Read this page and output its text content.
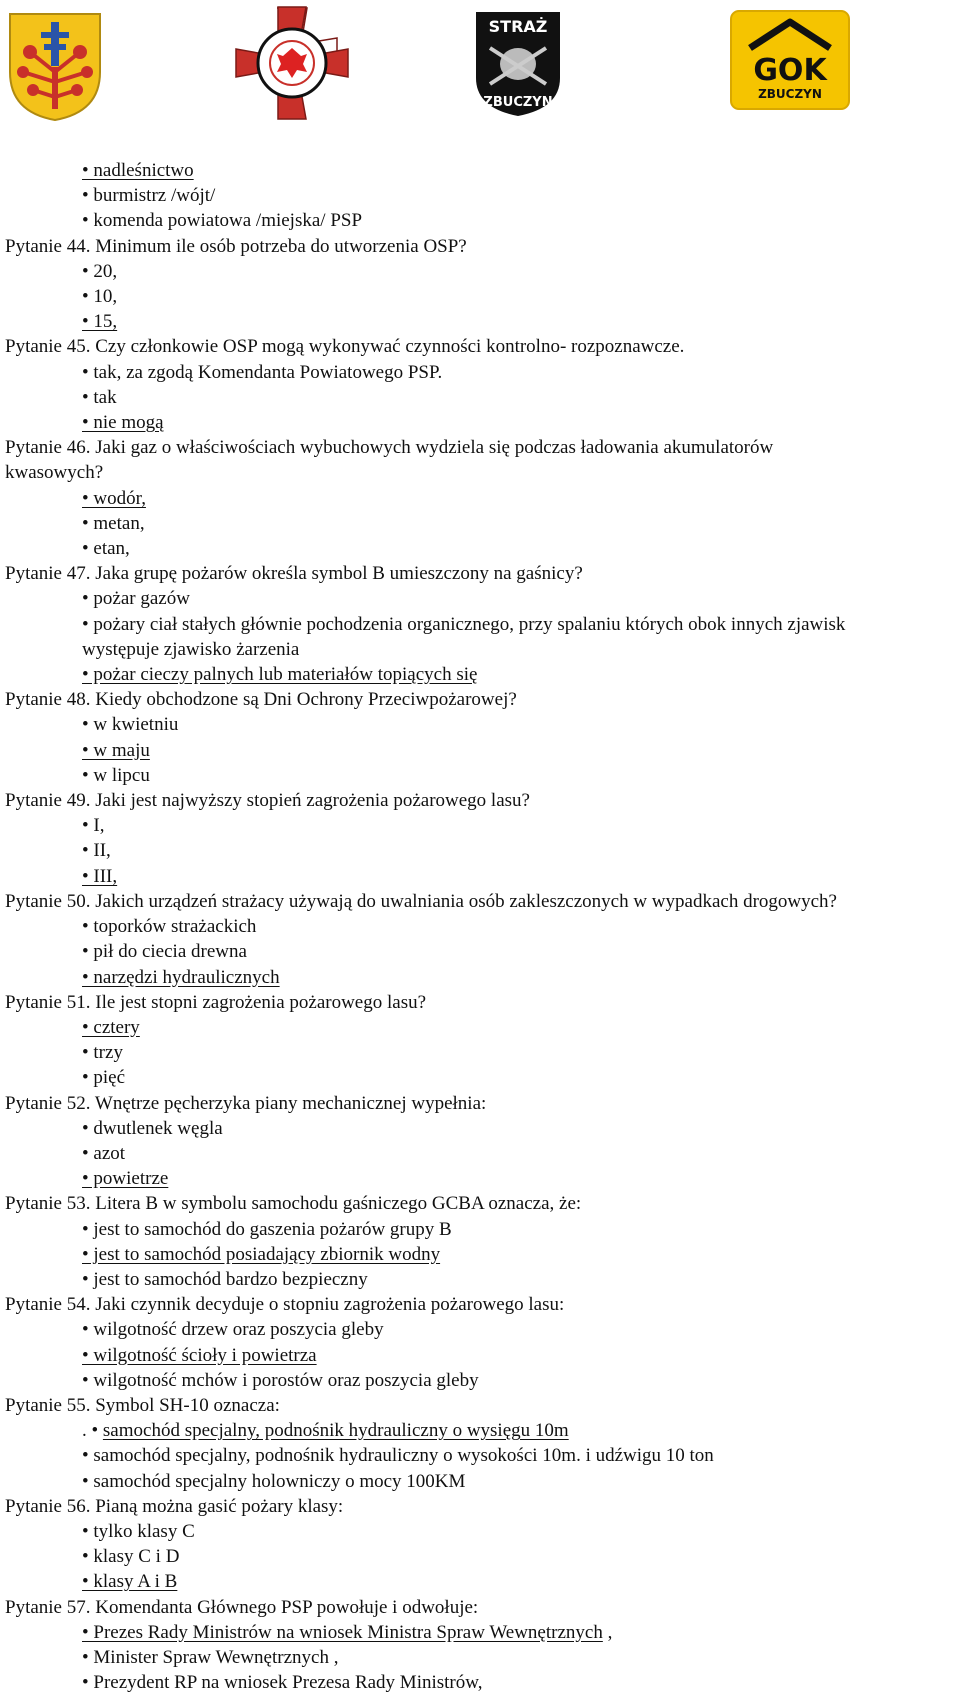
STRAŻ
ZBUCZYN
GOK
ZBUCZYN
• nadleśnictwo
• burmistrz /wójt/
• komenda powiatowa /miejska/ PSP
Pytanie 44. Minimum ile osób potrzeba do utworzenia OSP?
• 20,
• 10,
• 15,
Pytanie 45. Czy członkowie OSP mogą wykonywać czynności kontrolno- rozpoznawcze.
• tak, za zgodą Komendanta Powiatowego PSP.
• tak
• nie mogą
Pytanie 46. Jaki gaz o właściwościach wybuchowych wydziela się podczas ładowania akumulatorów
kwasowych?
• wodór,
• metan,
• etan,
Pytanie 47. Jaka grupę pożarów określa symbol B umieszczony na gaśnicy?
• pożar gazów
• pożary ciał stałych głównie pochodzenia organicznego, przy spalaniu których obok innych zjawisk
występuje zjawisko żarzenia
• pożar cieczy palnych lub materiałów topiących się
Pytanie 48. Kiedy obchodzone są Dni Ochrony Przeciwpożarowej?
• w kwietniu
• w maju
• w lipcu
Pytanie 49. Jaki jest najwyższy stopień zagrożenia pożarowego lasu?
• I,
• II,
• III,
Pytanie 50. Jakich urządzeń strażacy używają do uwalniania osób zakleszczonych w wypadkach drogowych?
• toporków strażackich
• pił do ciecia drewna
• narzędzi hydraulicznych
Pytanie 51. Ile jest stopni zagrożenia pożarowego lasu?
• cztery
• trzy
• pięć
Pytanie 52. Wnętrze pęcherzyka piany mechanicznej wypełnia:
• dwutlenek węgla
• azot
• powietrze
Pytanie 53. Litera B w symbolu samochodu gaśniczego GCBA oznacza, że:
• jest to samochód do gaszenia pożarów grupy B
• jest to samochód posiadający zbiornik wodny
• jest to samochód bardzo bezpieczny
Pytanie 54. Jaki czynnik decyduje o stopniu zagrożenia pożarowego lasu:
• wilgotność drzew oraz poszycia gleby
• wilgotność ścioły i powietrza
• wilgotność mchów i porostów oraz poszycia gleby
Pytanie 55. Symbol SH-10 oznacza:
. • samochód specjalny, podnośnik hydrauliczny o wysięgu 10m
• samochód specjalny, podnośnik hydrauliczny o wysokości 10m. i udźwigu 10 ton
• samochód specjalny holowniczy o mocy 100KM
Pytanie 56. Pianą można gasić pożary klasy:
• tylko klasy C
• klasy C i D
• klasy A i B
Pytanie 57. Komendanta Głównego PSP powołuje i odwołuje:
• Prezes Rady Ministrów na wniosek Ministra Spraw Wewnętrznych ,
• Minister Spraw Wewnętrznych ,
• Prezydent RP na wniosek Prezesa Rady Ministrów,
